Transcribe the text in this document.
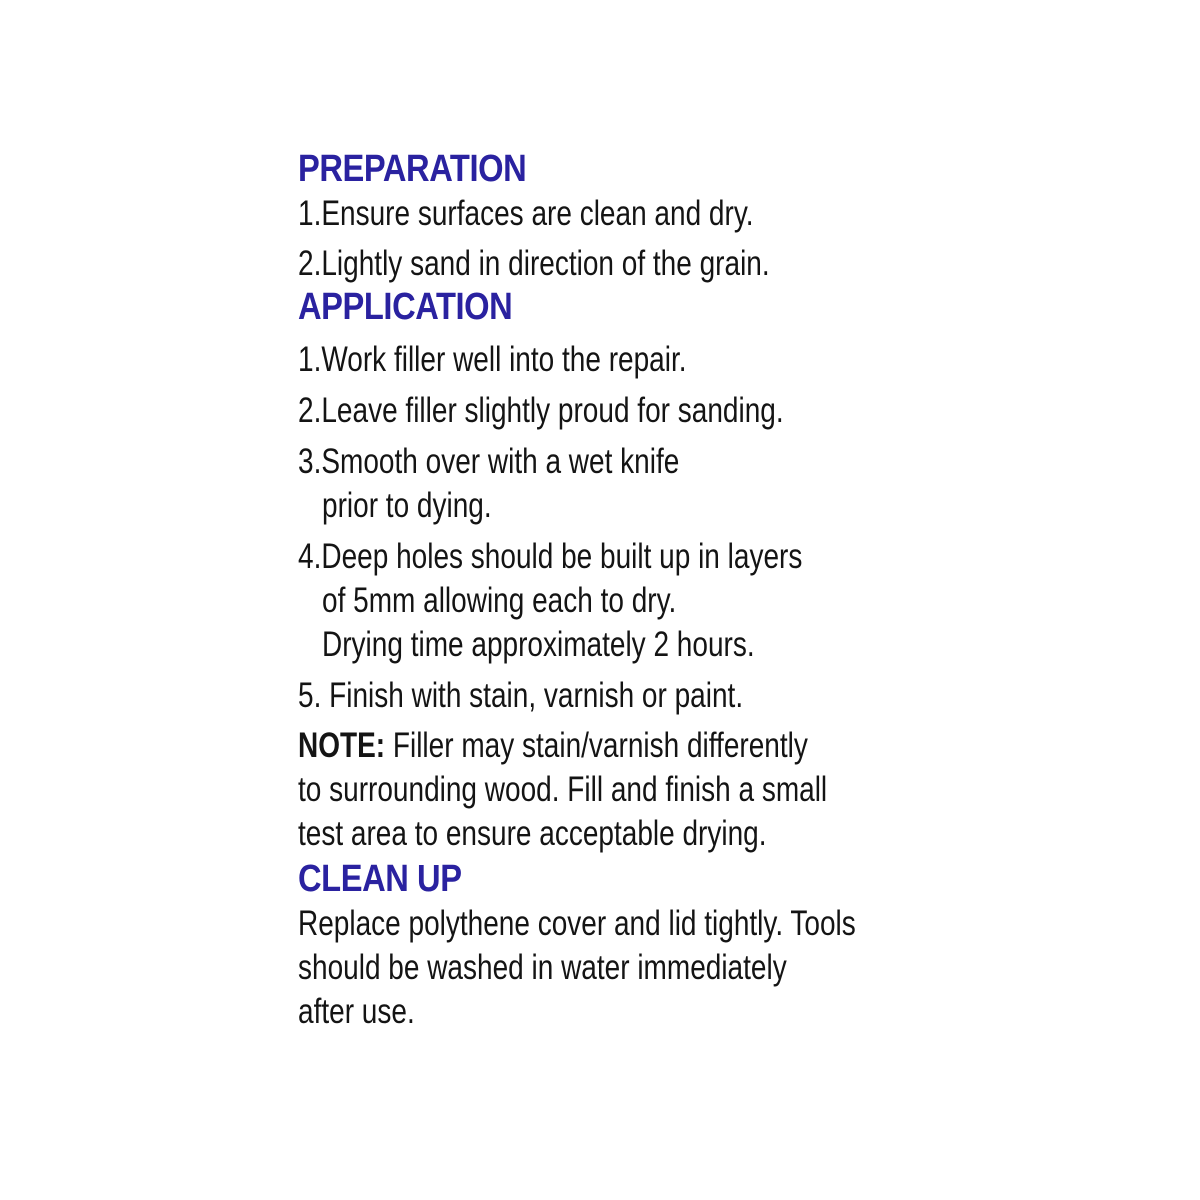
PREPARATION
1.Ensure surfaces are clean and dry.
2.Lightly sand in direction of the grain.
APPLICATION
1.Work filler well into the repair.
2.Leave filler slightly proud for sanding.
3.Smooth over with a wet knife
prior to dying.
4.Deep holes should be built up in layers
of 5mm allowing each to dry.
Drying time approximately 2 hours.
5. Finish with stain, varnish or paint.
NOTE: Filler may stain/varnish differently
to surrounding wood. Fill and finish a small
test area to ensure acceptable drying.
CLEAN UP
Replace polythene cover and lid tightly. Tools
should be washed in water immediately
after use.
